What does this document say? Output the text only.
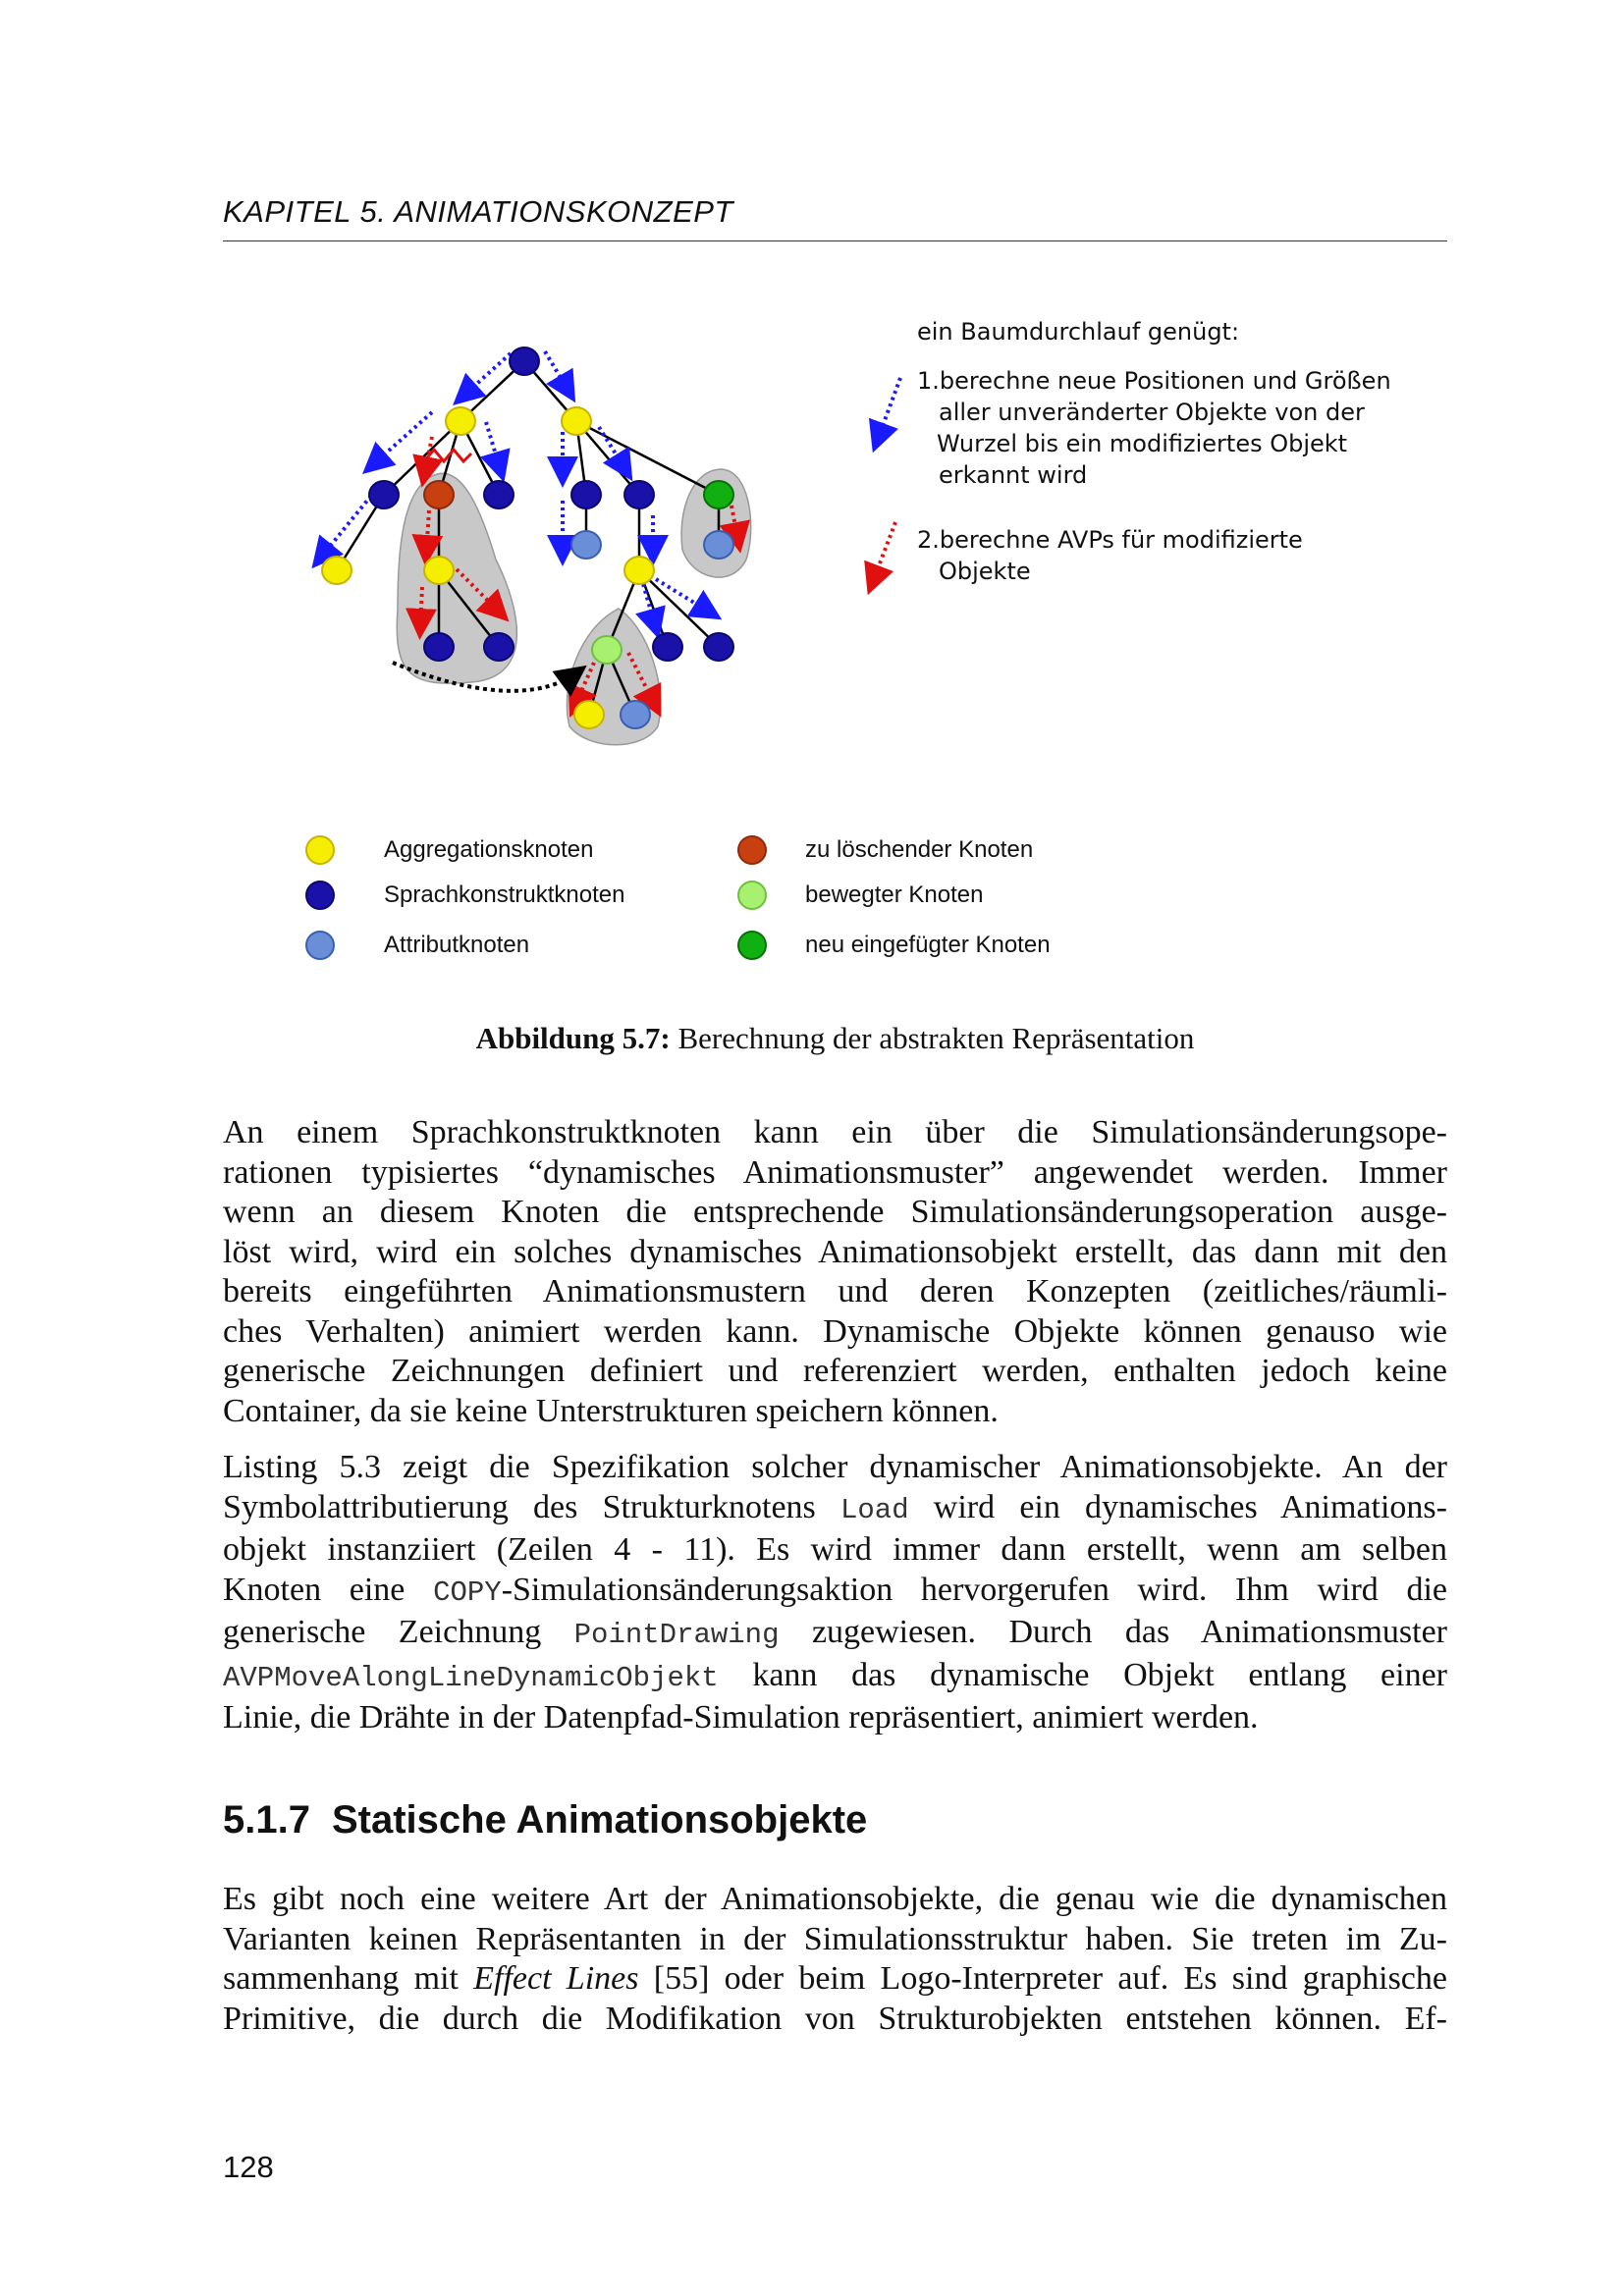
KAPITEL 5. ANIMATIONSKONZEPT
ein Baumdurchlauf genügt:
1.berechne neue Positionen und Größen
aller unveränderter Objekte von der
Wurzel bis ein modifiziertes Objekt
erkannt wird
2.berechne AVPs für modifizierte
Objekte
Aggregationsknoten
Sprachkonstruktknoten
Attributknoten
zu löschender Knoten
bewegter Knoten
neu eingefügter Knoten
Abbildung 5.7: Berechnung der abstrakten Repräsentation
An einem Sprachkonstruktknoten kann ein über die Simulationsänderungsope-
rationen typisiertes “dynamisches Animationsmuster” angewendet werden. Immer
wenn an diesem Knoten die entsprechende Simulationsänderungsoperation ausge-
löst wird, wird ein solches dynamisches Animationsobjekt erstellt, das dann mit den
bereits eingeführten Animationsmustern und deren Konzepten (zeitliches/räumli-
ches Verhalten) animiert werden kann. Dynamische Objekte können genauso wie
generische Zeichnungen definiert und referenziert werden, enthalten jedoch keine
Container, da sie keine Unterstrukturen speichern können.
Listing 5.3 zeigt die Spezifikation solcher dynamischer Animationsobjekte. An der
Symbolattributierung des Strukturknotens Load wird ein dynamisches Animations-
objekt instanziiert (Zeilen 4 - 11). Es wird immer dann erstellt, wenn am selben
Knoten eine COPY-Simulationsänderungsaktion hervorgerufen wird. Ihm wird die
generische Zeichnung PointDrawing zugewiesen. Durch das Animationsmuster
AVPMoveAlongLineDynamicObjekt kann das dynamische Objekt entlang einer
Linie, die Drähte in der Datenpfad-Simulation repräsentiert, animiert werden.
5.1.7 Statische Animationsobjekte
Es gibt noch eine weitere Art der Animationsobjekte, die genau wie die dynamischen
Varianten keinen Repräsentanten in der Simulationsstruktur haben. Sie treten im Zu-
sammenhang mit Effect Lines [55] oder beim Logo-Interpreter auf. Es sind graphische
Primitive, die durch die Modifikation von Strukturobjekten entstehen können. Ef-
128
